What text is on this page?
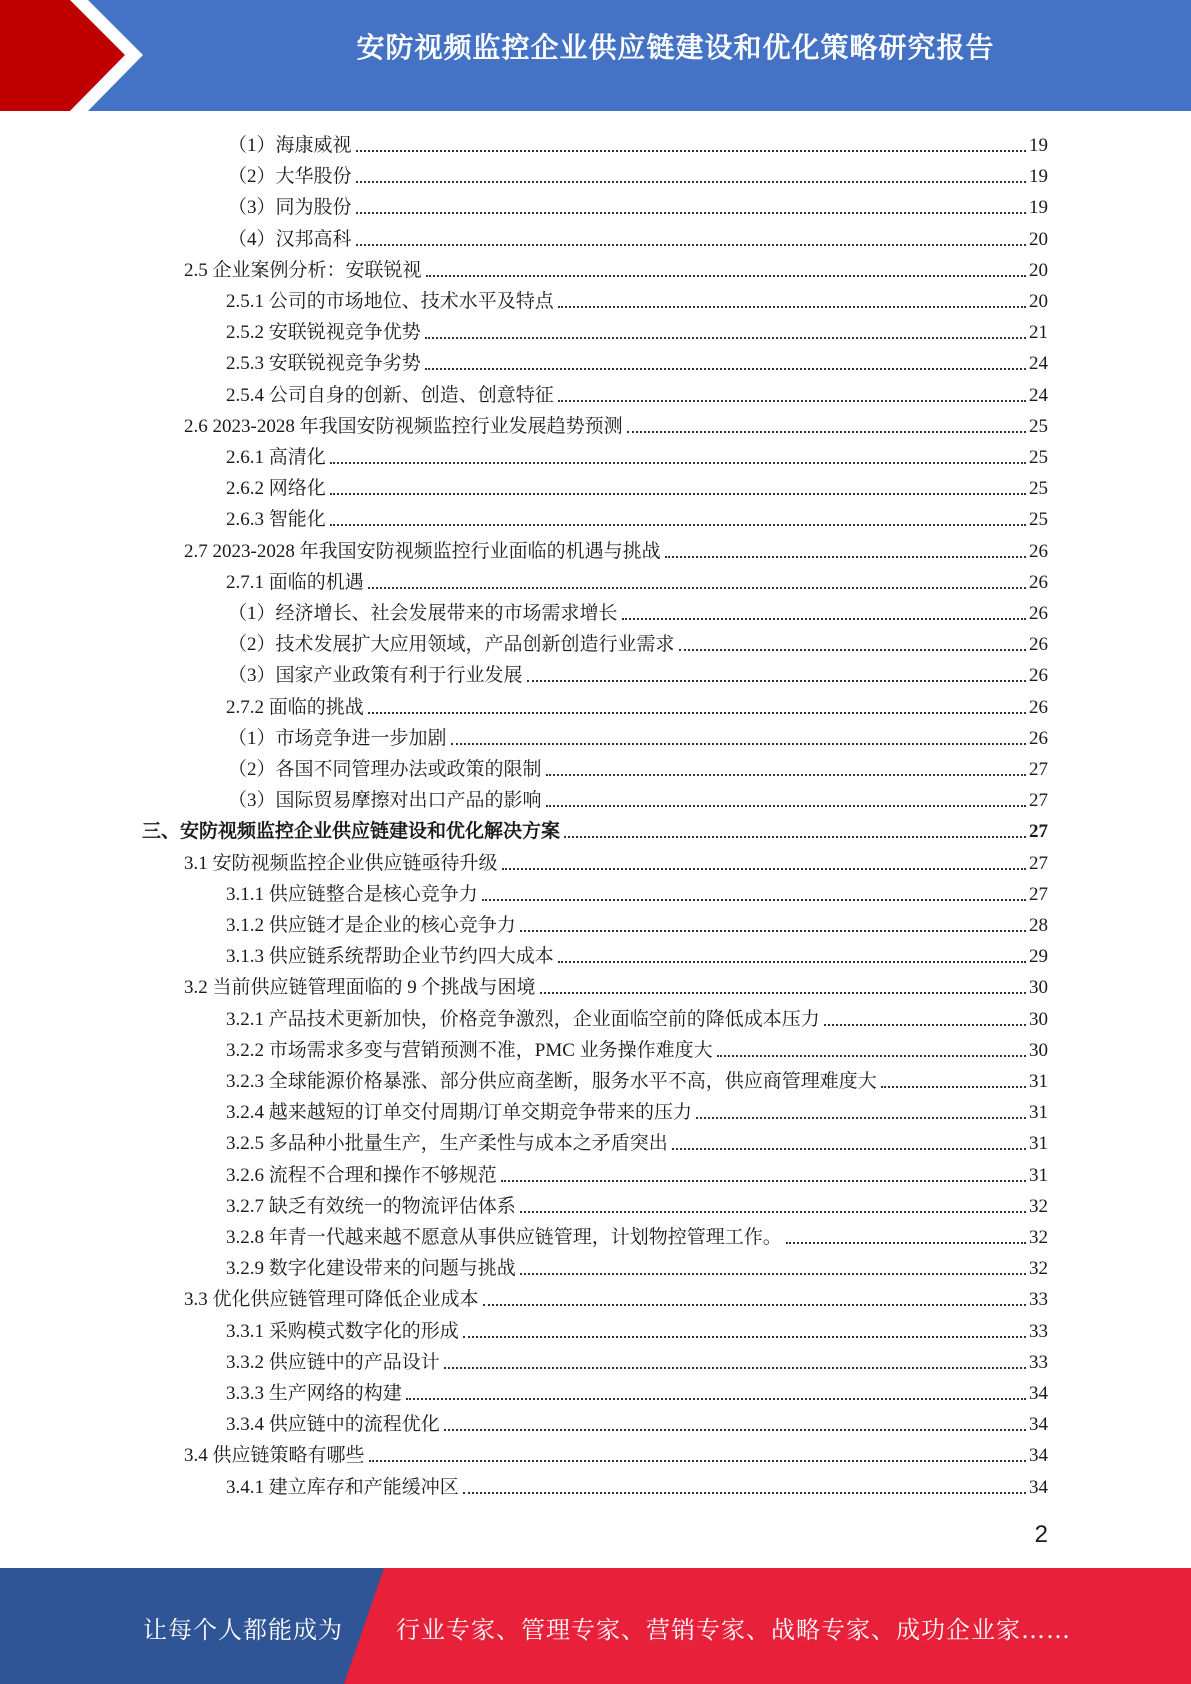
安防视频监控企业供应链建设和优化策略研究报告
（1）海康威视	19
（2）大华股份	19
（3）同为股份	19
（4）汉邦高科	20
2.5 企业案例分析：安联锐视	20
2.5.1 公司的市场地位、技术水平及特点	20
2.5.2 安联锐视竞争优势	21
2.5.3 安联锐视竞争劣势	24
2.5.4 公司自身的创新、创造、创意特征	24
2.6 2023-2028 年我国安防视频监控行业发展趋势预测	25
2.6.1 高清化	25
2.6.2 网络化	25
2.6.3 智能化	25
2.7 2023-2028 年我国安防视频监控行业面临的机遇与挑战	26
2.7.1 面临的机遇	26
（1）经济增长、社会发展带来的市场需求增长	26
（2）技术发展扩大应用领域，产品创新创造行业需求	26
（3）国家产业政策有利于行业发展	26
2.7.2 面临的挑战	26
（1）市场竞争进一步加剧	26
（2）各国不同管理办法或政策的限制	27
（3）国际贸易摩擦对出口产品的影响	27
三、安防视频监控企业供应链建设和优化解决方案	27
3.1 安防视频监控企业供应链亟待升级	27
3.1.1 供应链整合是核心竞争力	27
3.1.2 供应链才是企业的核心竞争力	28
3.1.3 供应链系统帮助企业节约四大成本	29
3.2 当前供应链管理面临的 9 个挑战与困境	30
3.2.1 产品技术更新加快，价格竞争激烈，企业面临空前的降低成本压力	30
3.2.2 市场需求多变与营销预测不准，PMC 业务操作难度大	30
3.2.3 全球能源价格暴涨、部分供应商垄断，服务水平不高，供应商管理难度大	31
3.2.4 越来越短的订单交付周期/订单交期竞争带来的压力	31
3.2.5 多品种小批量生产，生产柔性与成本之矛盾突出	31
3.2.6 流程不合理和操作不够规范	31
3.2.7 缺乏有效统一的物流评估体系	32
3.2.8 年青一代越来越不愿意从事供应链管理，计划物控管理工作。	32
3.2.9 数字化建设带来的问题与挑战	32
3.3 优化供应链管理可降低企业成本	33
3.3.1 采购模式数字化的形成	33
3.3.2 供应链中的产品设计	33
3.3.3 生产网络的构建	34
3.3.4 供应链中的流程优化	34
3.4 供应链策略有哪些	34
3.4.1 建立库存和产能缓冲区	34
2
让每个人都能成为 行业专家、管理专家、营销专家、战略专家、成功企业家……
